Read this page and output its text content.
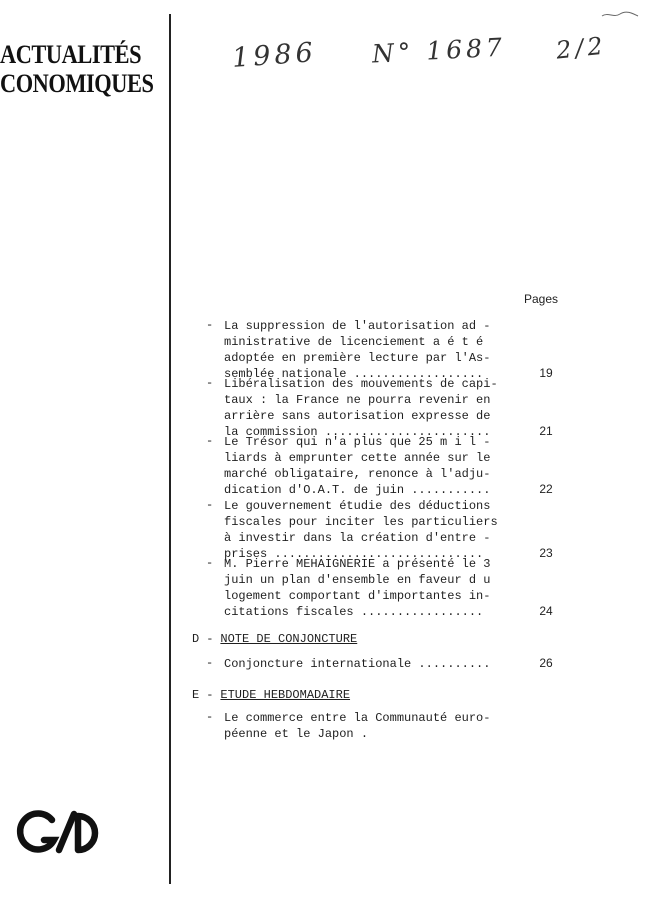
ACTUALITÉS
CONOMIQUES
1986 N° 1687 2/2
Pages
- La suppression de l'autorisation ad -
ministrative de licenciement a é t é
adoptée en première lecture par l'As-
semblée nationale ..................	19
- Libéralisation des mouvements de capi-
taux : la France ne pourra revenir en
arrière sans autorisation expresse de
la commission .......................	21
- Le Trésor qui n'a plus que 25 m i l -
liards à emprunter cette année sur le
marché obligataire, renonce à l'adju-
dication d'O.A.T. de juin ...........	22
- Le gouvernement étudie des déductions
fiscales pour inciter les particuliers
à investir dans la création d'entre -
prises .............................	23
- M. Pierre MEHAIGNERIE a présenté le 3
juin un plan d'ensemble en faveur d u
logement comportant d'importantes in-
citations fiscales .................	24
D - NOTE DE CONJONCTURE
- Conjoncture internationale ..........	26
E - ETUDE HEBDOMADAIRE
- Le commerce entre la Communauté euro-
péenne et le Japon .
G/D
